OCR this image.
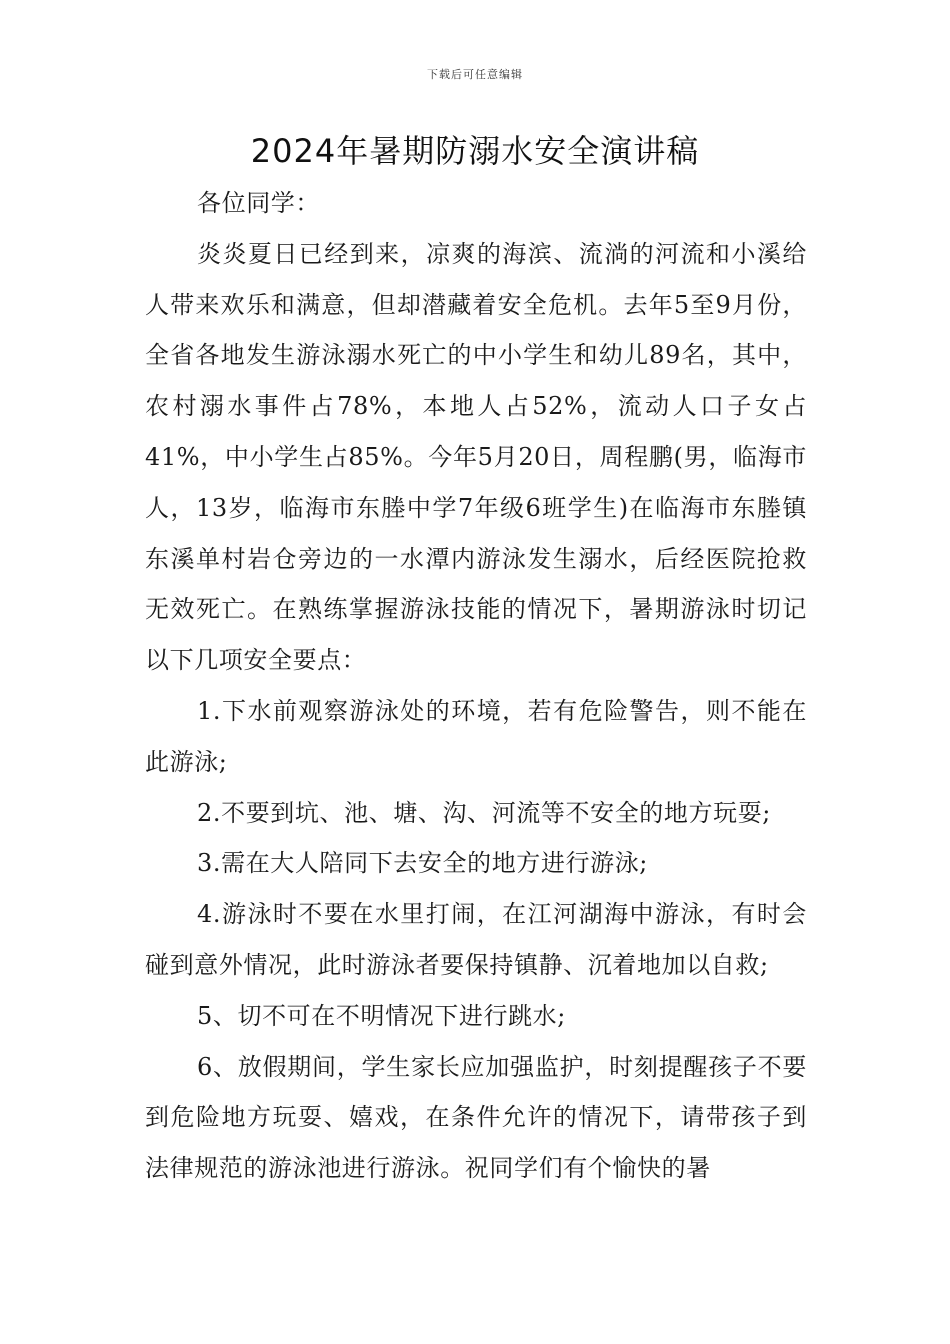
下载后可任意编辑
2024年暑期防溺水安全演讲稿

各位同学：

炎炎夏日已经到来，凉爽的海滨、流淌的河流和小溪给人带来欢乐和满意，但却潜藏着安全危机。去年5至9月份，全省各地发生游泳溺水死亡的中小学生和幼儿89名，其中，农村溺水事件占78%，本地人占52%，流动人口子女占41%，中小学生占85%。今年5月20日，周程鹏(男，临海市人，13岁，临海市东塍中学7年级6班学生)在临海市东塍镇东溪单村岩仓旁边的一水潭内游泳发生溺水，后经医院抢救无效死亡。在熟练掌握游泳技能的情况下，暑期游泳时切记以下几项安全要点：

1.下水前观察游泳处的环境，若有危险警告，则不能在此游泳;

2.不要到坑、池、塘、沟、河流等不安全的地方玩耍;

3.需在大人陪同下去安全的地方进行游泳;

4.游泳时不要在水里打闹，在江河湖海中游泳，有时会碰到意外情况，此时游泳者要保持镇静、沉着地加以自救;

5、切不可在不明情况下进行跳水;

6、放假期间，学生家长应加强监护，时刻提醒孩子不要到危险地方玩耍、嬉戏，在条件允许的情况下，请带孩子到法律规范的游泳池进行游泳。祝同学们有个愉快的暑
